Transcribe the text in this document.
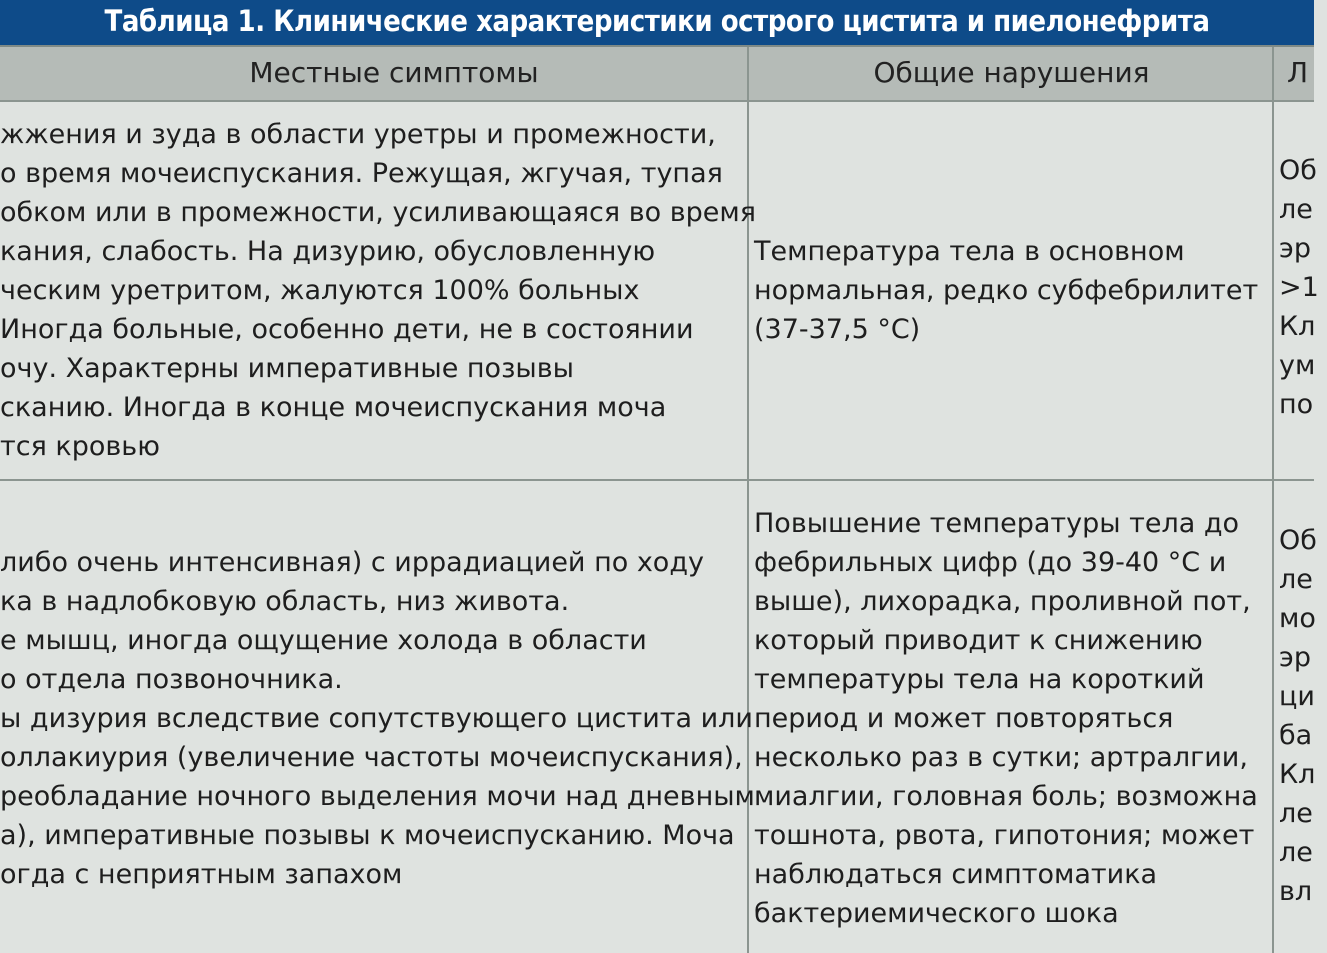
Таблица 1. Клинические характеристики острого цистита и пиелонефрита
Местные симптомы	Общие нарушения	Л
жжения и зуда в области уретры и промежности,
о время мочеиспускания. Режущая, жгучая, тупая
обком или в промежности, усиливающаяся во время
кания, слабость. На дизурию, обусловленную
ческим уретритом, жалуются 100% больных
Иногда больные, особенно дети, не в состоянии
очу. Характерны императивные позывы
сканию. Иногда в конце мочеиспускания моча
тся кровью
Температура тела в основном
нормальная, редко субфебрилитет
(37-37,5 °С)
Об
ле
эр
>1
Кл
ум
по
либо очень интенсивная) с иррадиацией по ходу
ка в надлобковую область, низ живота.
е мышц, иногда ощущение холода в области
о отдела позвоночника.
ы дизурия вследствие сопутствующего цистита или
оллакиурия (увеличение частоты мочеиспускания),
реобладание ночного выделения мочи над дневным
а), императивные позывы к мочеиспусканию. Моча
огда с неприятным запахом
Повышение температуры тела до
фебрильных цифр (до 39-40 °С и
выше), лихорадка, проливной пот,
который приводит к снижению
температуры тела на короткий
период и может повторяться
несколько раз в сутки; артралгии,
миалгии, головная боль; возможна
тошнота, рвота, гипотония; может
наблюдаться симптоматика
бактериемического шока
Об
ле
мо
эр
ци
ба
Кл
ле
ле
вл
